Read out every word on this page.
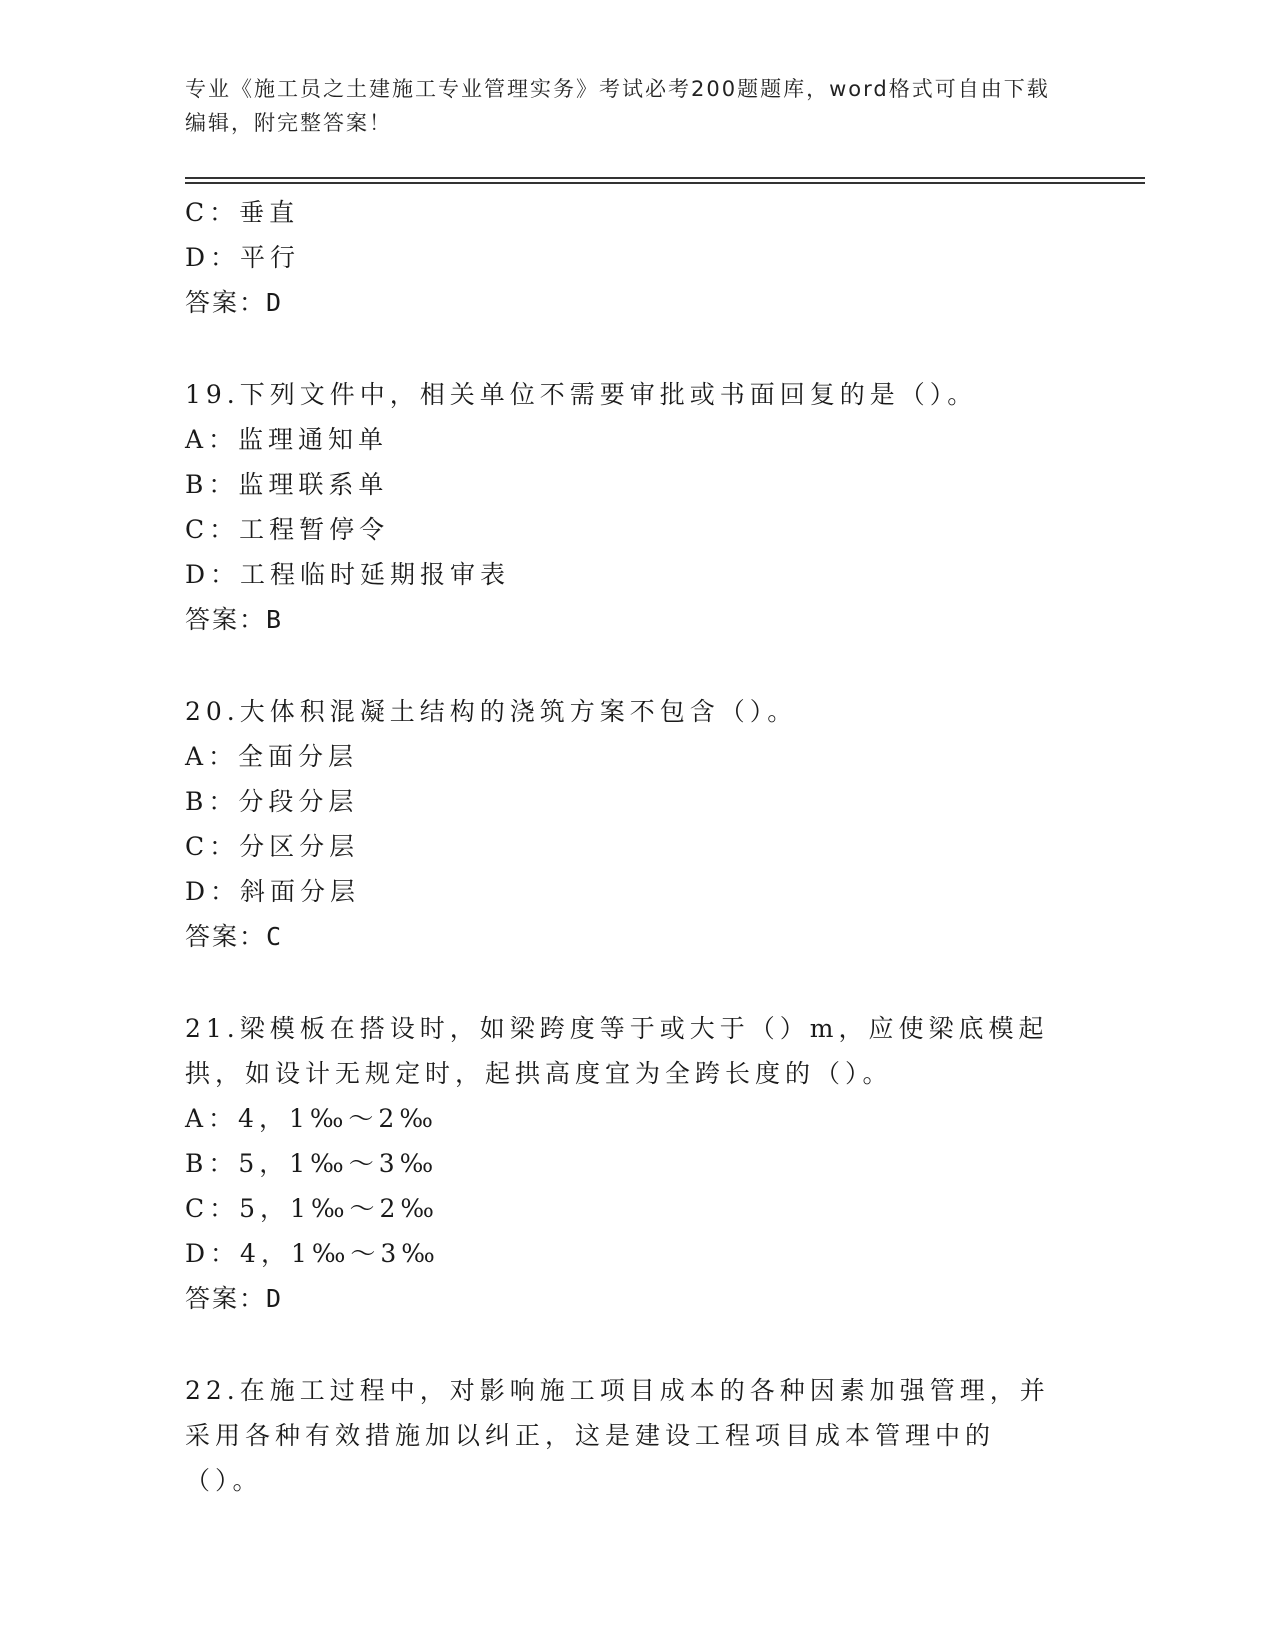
专业《施工员之土建施工专业管理实务》考试必考200题题库，word格式可自由下载编辑，附完整答案！
C：垂直
D：平行
答案：D
19.下列文件中，相关单位不需要审批或书面回复的是（）。
A：监理通知单
B：监理联系单
C：工程暂停令
D：工程临时延期报审表
答案：B
20.大体积混凝土结构的浇筑方案不包含（）。
A：全面分层
B：分段分层
C：分区分层
D：斜面分层
答案：C
21.梁模板在搭设时，如梁跨度等于或大于（）m，应使梁底模起拱，如设计无规定时，起拱高度宜为全跨长度的（）。
A：4，1‰～2‰
B：5，1‰～3‰
C：5，1‰～2‰
D：4，1‰～3‰
答案：D
22.在施工过程中，对影响施工项目成本的各种因素加强管理，并采用各种有效措施加以纠正，这是建设工程项目成本管理中的（）。
